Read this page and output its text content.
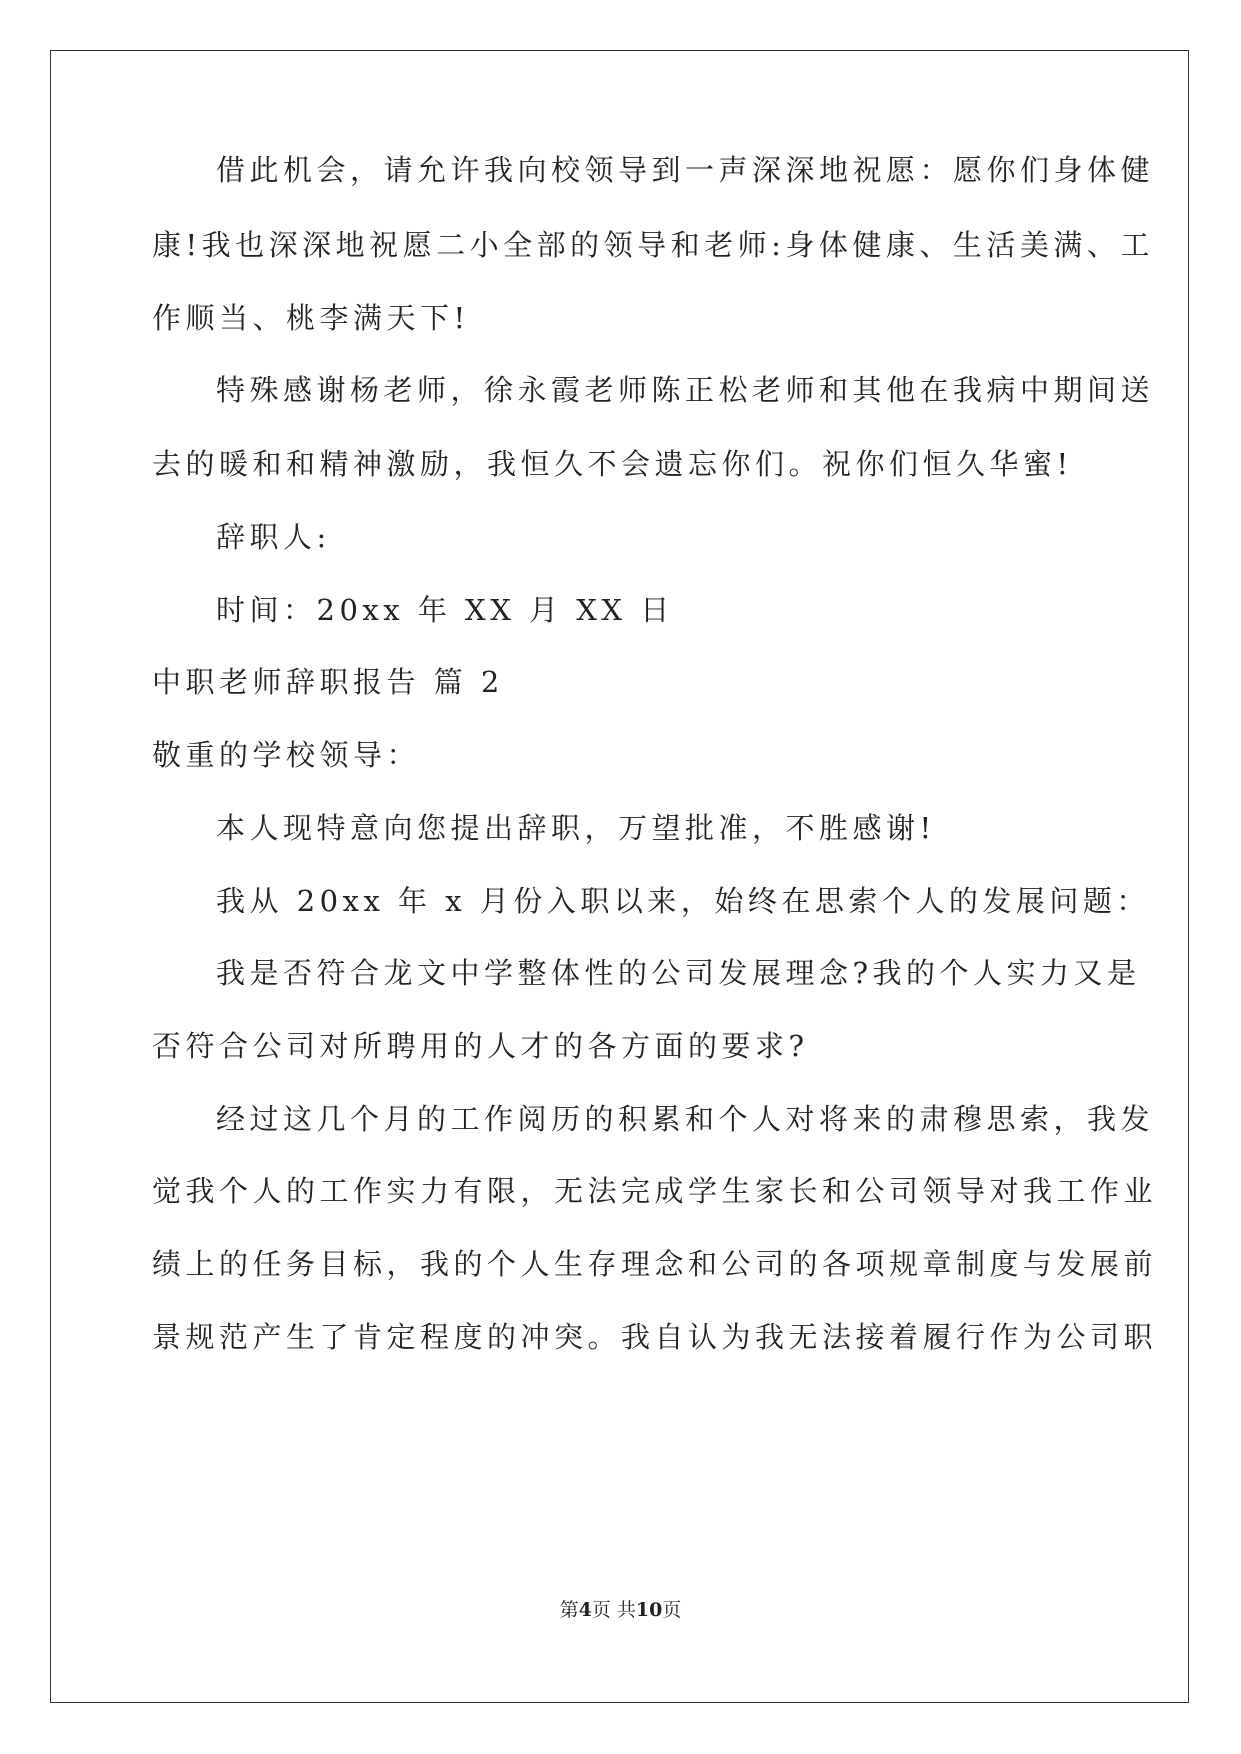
借此机会，请允许我向校领导到一声深深地祝愿：愿你们身体健
康!我也深深地祝愿二小全部的领导和老师:身体健康、生活美满、工
作顺当、桃李满天下!
特殊感谢杨老师，徐永霞老师陈正松老师和其他在我病中期间送
去的暖和和精神激励，我恒久不会遗忘你们。祝你们恒久华蜜!
辞职人:
时间：20xx 年 XX 月 XX 日
中职老师辞职报告 篇 2
敬重的学校领导：
本人现特意向您提出辞职，万望批准，不胜感谢!
我从 20xx 年 x 月份入职以来，始终在思索个人的发展问题：
我是否符合龙文中学整体性的公司发展理念?我的个人实力又是
否符合公司对所聘用的人才的各方面的要求?
经过这几个月的工作阅历的积累和个人对将来的肃穆思索，我发
觉我个人的工作实力有限，无法完成学生家长和公司领导对我工作业
绩上的任务目标，我的个人生存理念和公司的各项规章制度与发展前
景规范产生了肯定程度的冲突。我自认为我无法接着履行作为公司职
第4页 共10页
